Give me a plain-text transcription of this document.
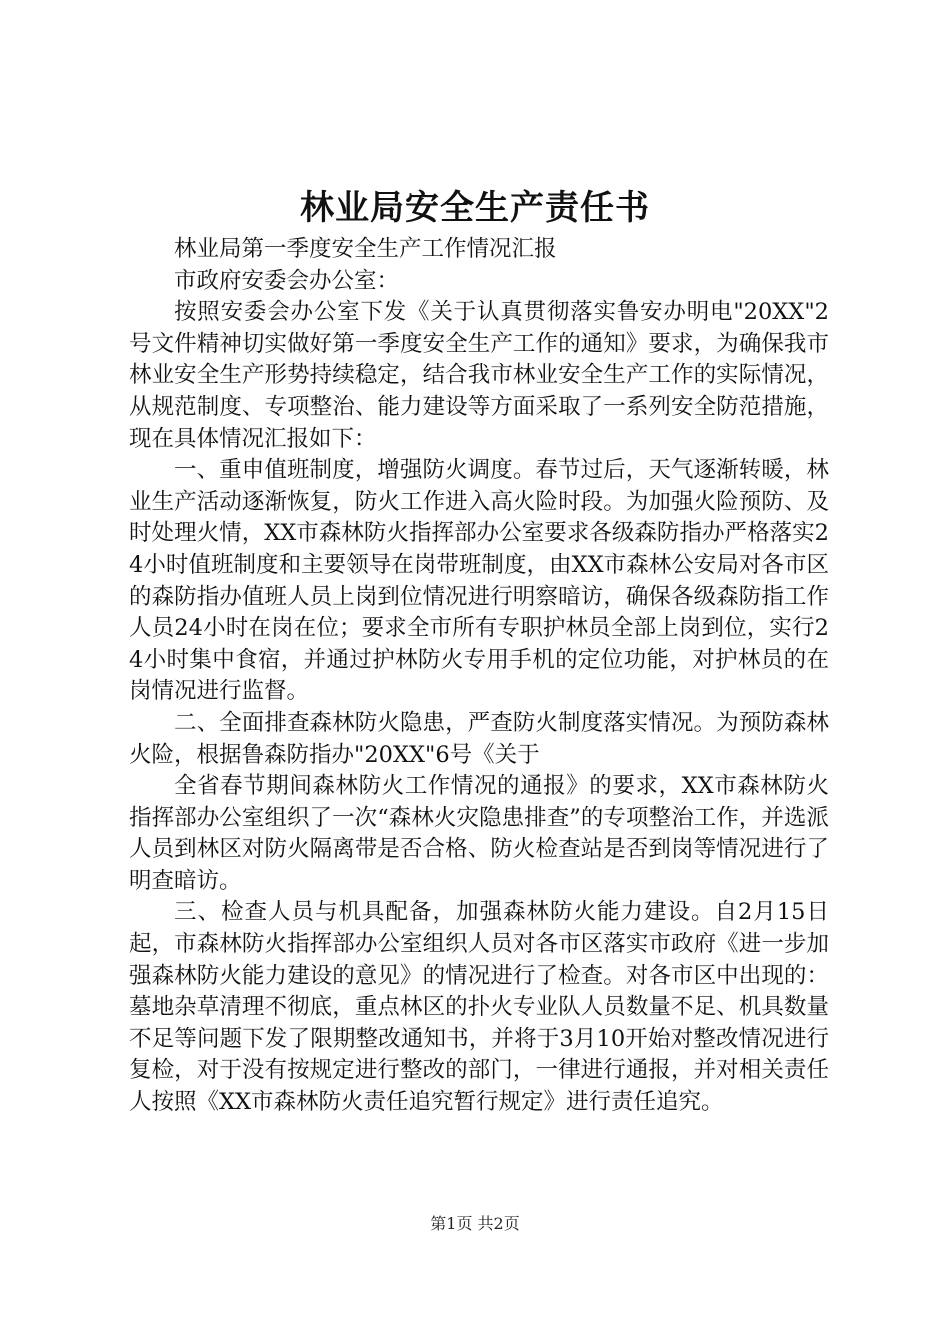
林业局安全生产责任书

林业局第一季度安全生产工作情况汇报

市政府安委会办公室：

按照安委会办公室下发《关于认真贯彻落实鲁安办明电"20XX"2号文件精神切实做好第一季度安全生产工作的通知》要求，为确保我市林业安全生产形势持续稳定，结合我市林业安全生产工作的实际情况，从规范制度、专项整治、能力建设等方面采取了一系列安全防范措施，现在具体情况汇报如下：

一、重申值班制度，增强防火调度。春节过后，天气逐渐转暖，林业生产活动逐渐恢复，防火工作进入高火险时段。为加强火险预防、及时处理火情，XX市森林防火指挥部办公室要求各级森防指办严格落实24小时值班制度和主要领导在岗带班制度，由XX市森林公安局对各市区的森防指办值班人员上岗到位情况进行明察暗访，确保各级森防指工作人员24小时在岗在位；要求全市所有专职护林员全部上岗到位，实行24小时集中食宿，并通过护林防火专用手机的定位功能，对护林员的在岗情况进行监督。

二、全面排查森林防火隐患，严查防火制度落实情况。为预防森林火险，根据鲁森防指办"20XX"6号《关于

全省春节期间森林防火工作情况的通报》的要求，XX市森林防火指挥部办公室组织了一次“森林火灾隐患排查”的专项整治工作，并选派人员到林区对防火隔离带是否合格、防火检查站是否到岗等情况进行了明查暗访。

三、检查人员与机具配备，加强森林防火能力建设。自2月15日起，市森林防火指挥部办公室组织人员对各市区落实市政府《进一步加强森林防火能力建设的意见》的情况进行了检查。对各市区中出现的：墓地杂草清理不彻底，重点林区的扑火专业队人员数量不足、机具数量不足等问题下发了限期整改通知书，并将于3月10开始对整改情况进行复检，对于没有按规定进行整改的部门，一律进行通报，并对相关责任人按照《XX市森林防火责任追究暂行规定》进行责任追究。

第1页 共2页
